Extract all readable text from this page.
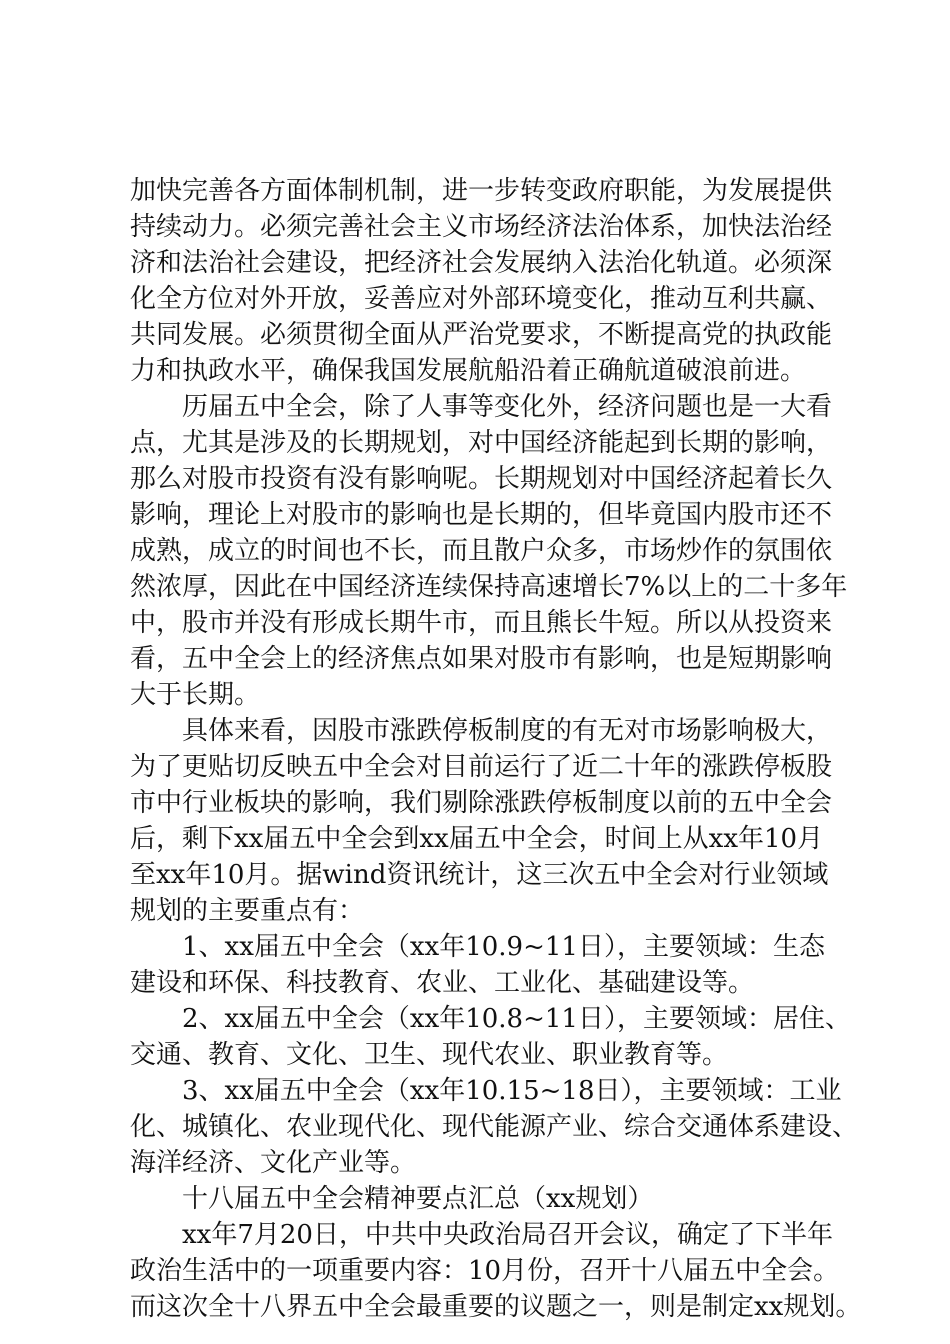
加快完善各方面体制机制，进一步转变政府职能，为发展提供
持续动力。必须完善社会主义市场经济法治体系，加快法治经
济和法治社会建设，把经济社会发展纳入法治化轨道。必须深
化全方位对外开放，妥善应对外部环境变化，推动互利共赢、
共同发展。必须贯彻全面从严治党要求，不断提高党的执政能
力和执政水平，确保我国发展航船沿着正确航道破浪前进。
历届五中全会，除了人事等变化外，经济问题也是一大看
点，尤其是涉及的长期规划，对中国经济能起到长期的影响，
那么对股市投资有没有影响呢。长期规划对中国经济起着长久
影响，理论上对股市的影响也是长期的，但毕竟国内股市还不
成熟，成立的时间也不长，而且散户众多，市场炒作的氛围依
然浓厚，因此在中国经济连续保持高速增长7%以上的二十多年
中，股市并没有形成长期牛市，而且熊长牛短。所以从投资来
看，五中全会上的经济焦点如果对股市有影响，也是短期影响
大于长期。
具体来看，因股市涨跌停板制度的有无对市场影响极大，
为了更贴切反映五中全会对目前运行了近二十年的涨跌停板股
市中行业板块的影响，我们剔除涨跌停板制度以前的五中全会
后，剩下xx届五中全会到xx届五中全会，时间上从xx年10月
至xx年10月。据wind资讯统计，这三次五中全会对行业领域
规划的主要重点有：
1、xx届五中全会（xx年10.9~11日），主要领域：生态
建设和环保、科技教育、农业、工业化、基础建设等。
2、xx届五中全会（xx年10.8~11日），主要领域：居住、
交通、教育、文化、卫生、现代农业、职业教育等。
3、xx届五中全会（xx年10.15~18日），主要领域：工业
化、城镇化、农业现代化、现代能源产业、综合交通体系建设、
海洋经济、文化产业等。
十八届五中全会精神要点汇总（xx规划）
xx年7月20日，中共中央政治局召开会议，确定了下半年
政治生活中的一项重要内容：10月份，召开十八届五中全会。
而这次全十八界五中全会最重要的议题之一，则是制定xx规划。
